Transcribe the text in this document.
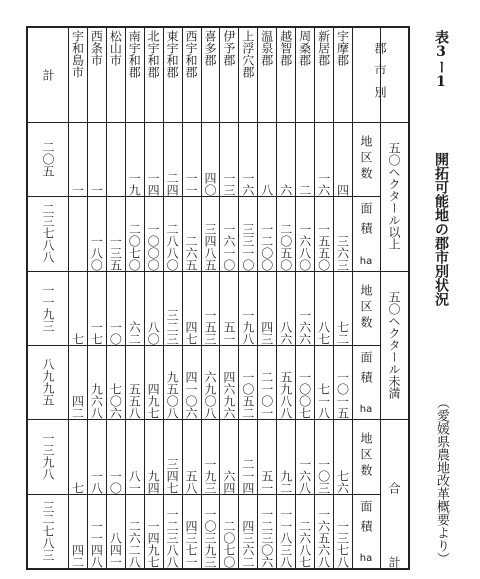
表3ー1
開拓可能地の郡市別状況
（愛媛県農地改革概要より）
計
宇摩郡
新居郡
周桑郡
越智郡
温泉郡
上浮穴郡
伊予郡
喜多郡
西宇和郡
東宇和郡
北宇和郡
南宇和郡
松山市
西条市
宇和島市	郡市別
五〇ヘクタール以上
五〇ヘクタール未満
合
計
地区数
四
一六
二
六
八
一六
一三
四〇
一一
二四
一四
一九
一
一
二〇五
面積
ha
三六三
一五五〇
一六八〇
二〇五〇
一二〇〇
三三一〇
一六一〇
三四八五
二六五
二八八〇
一〇〇〇
二〇七〇
一三五
一八〇
二三七八八
地区数
七二
八七
一六六
八六
四三
一九八
五一
一五三
四七
三二三
八〇
六二
一〇
一七
七
一一九三
面積
ha
一〇一五
七一八
一〇〇七
五九八八
二一〇一
一〇五二
四六九六
六九〇八
四一〇六
九五〇八
四九七
五五八
七〇六
九六八
四二
八九九五
地区数
七六
一〇三
一六八
九二
五一
二一四
六四
一九三
五八
三四七
九四
八一
一〇
一八
七
一三九八
面積
ha
一三七八
一六五六八
二六八七
一一八三八
一二三〇六
四三六二
二〇七〇
一〇三九三
四三七一
一二三八八
一四九七
二六二八
八四一
一一四八
四二
三二七八三
